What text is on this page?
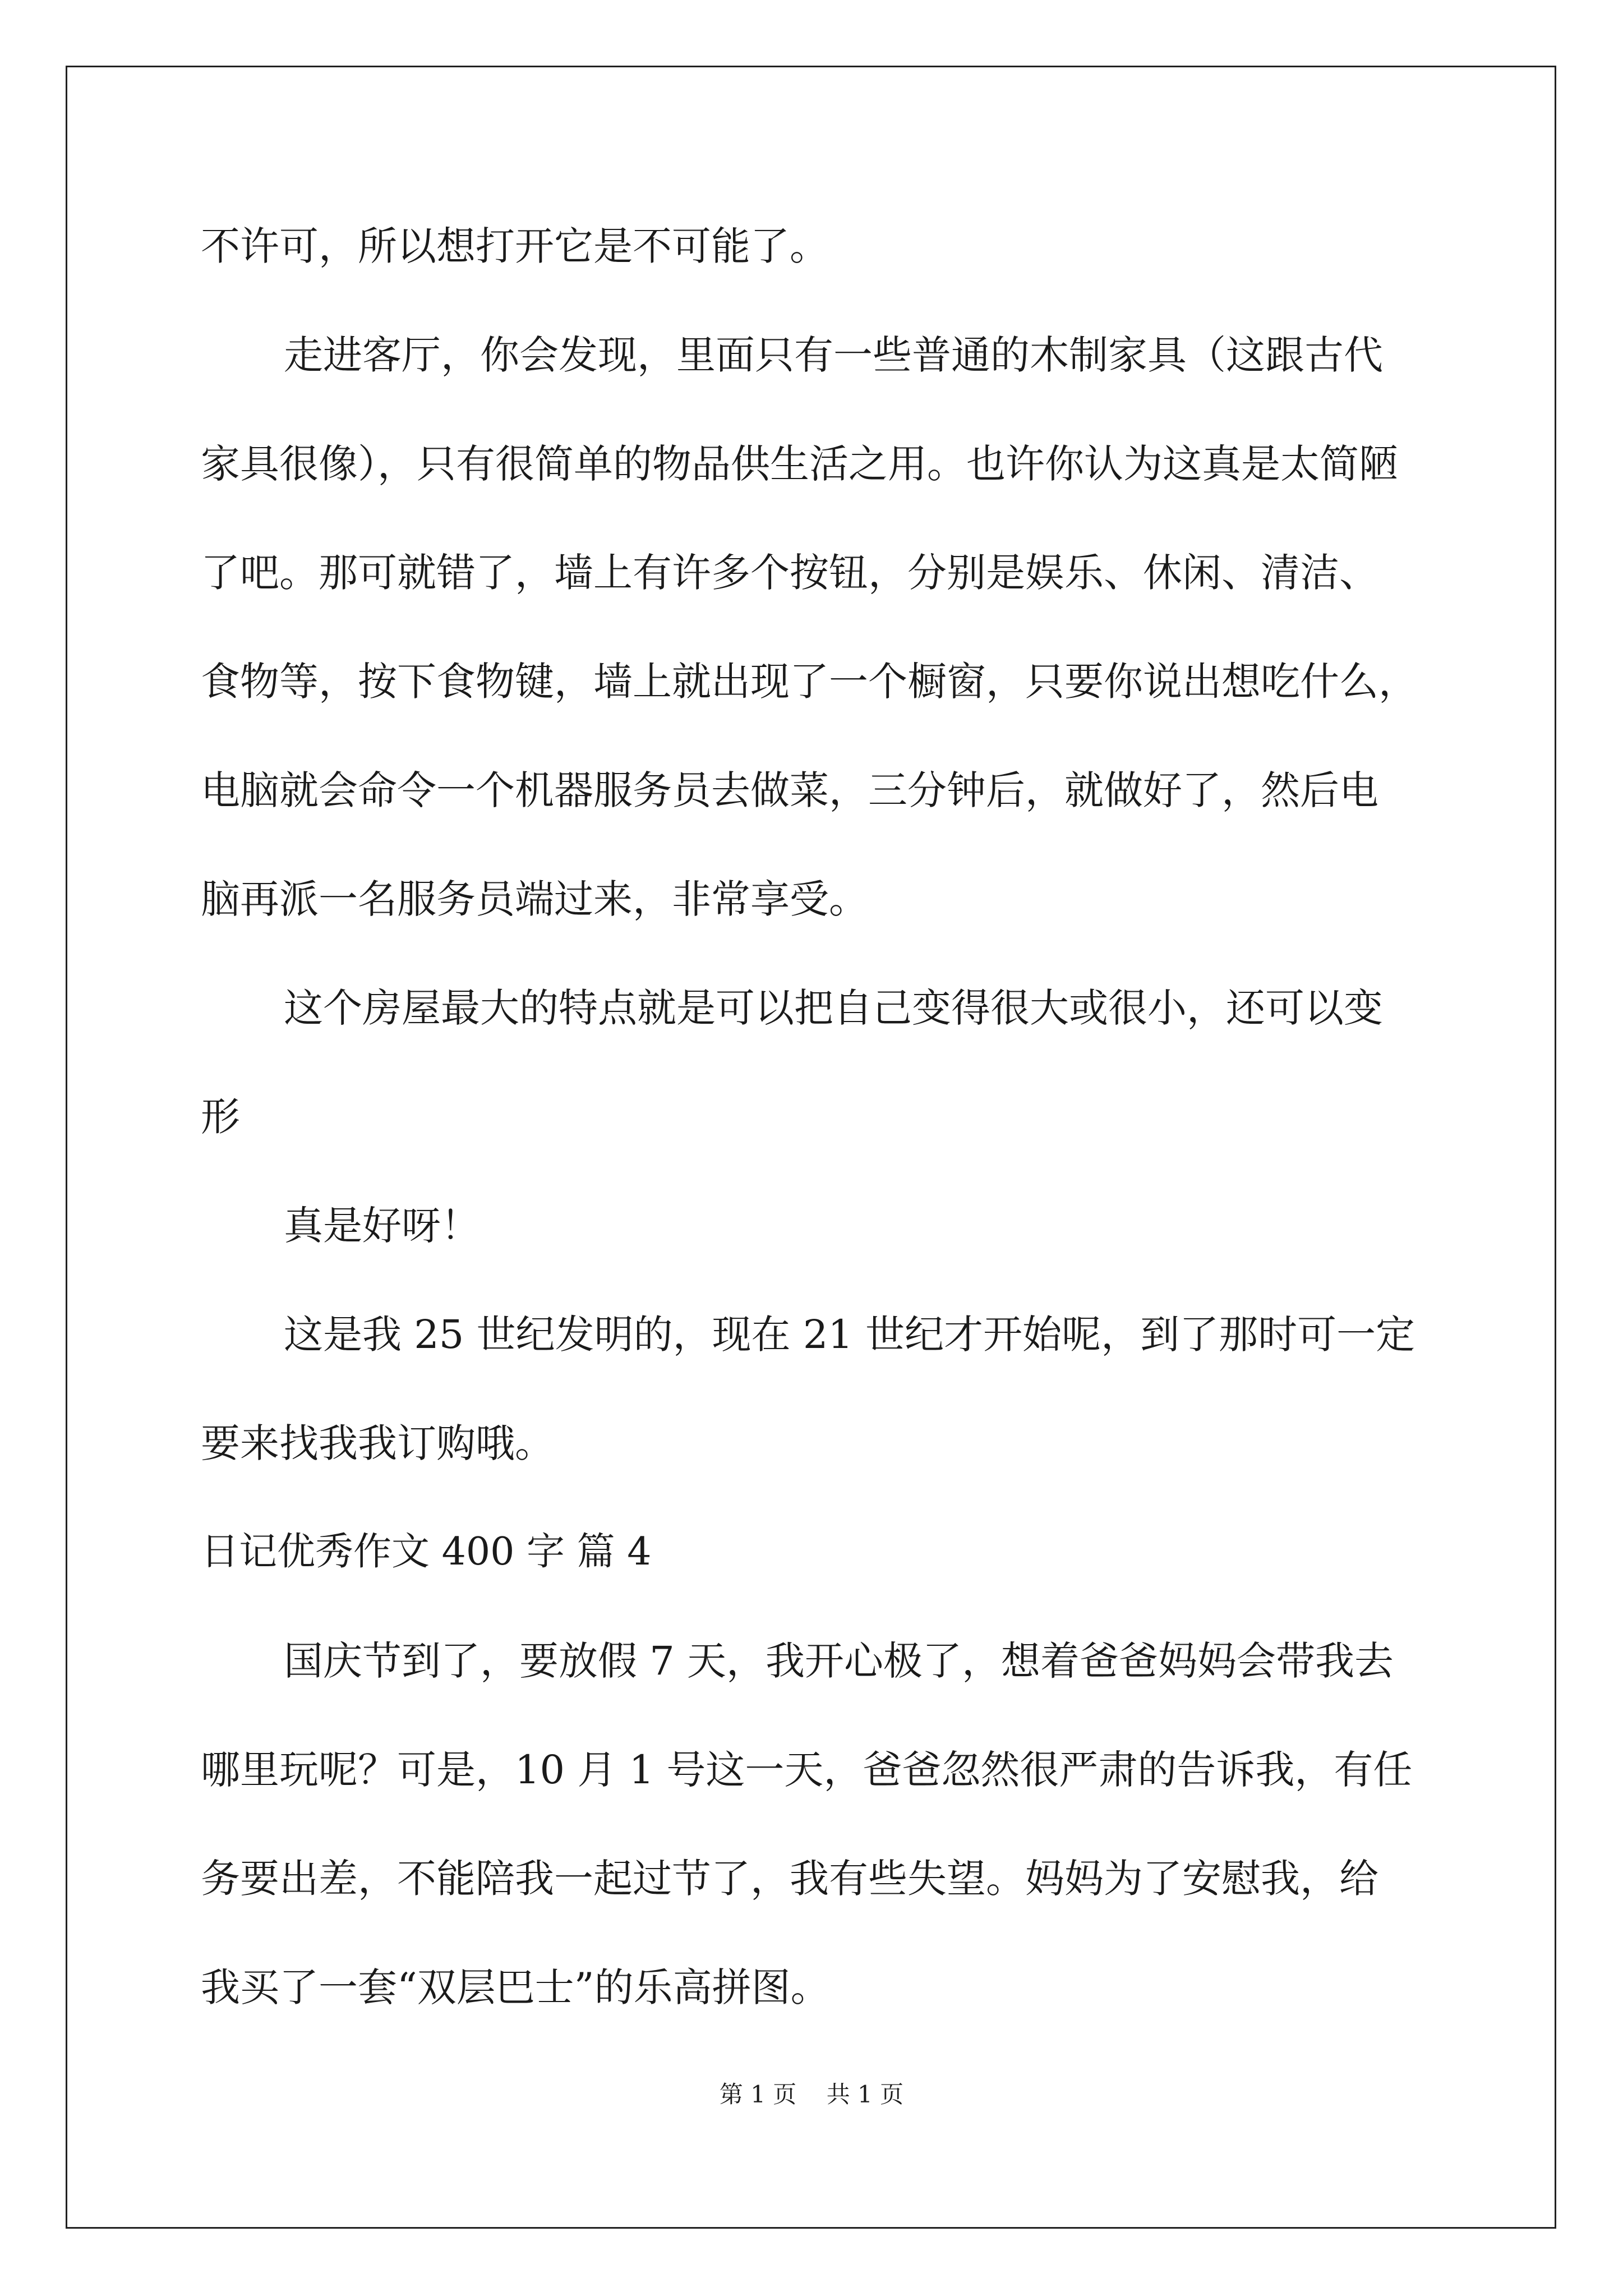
不许可，所以想打开它是不可能了。
走进客厅，你会发现，里面只有一些普通的木制家具（这跟古代
家具很像），只有很简单的物品供生活之用。也许你认为这真是太简陋
了吧。那可就错了，墙上有许多个按钮，分别是娱乐、休闲、清洁、
食物等，按下食物键，墙上就出现了一个橱窗，只要你说出想吃什么，
电脑就会命令一个机器服务员去做菜，三分钟后，就做好了，然后电
脑再派一名服务员端过来，非常享受。
这个房屋最大的特点就是可以把自己变得很大或很小，还可以变
形
真是好呀！
这是我 25 世纪发明的，现在 21 世纪才开始呢，到了那时可一定
要来找我我订购哦。
日记优秀作文 400 字 篇 4
国庆节到了，要放假 7 天，我开心极了，想着爸爸妈妈会带我去
哪里玩呢？可是，10 月 1 号这一天，爸爸忽然很严肃的告诉我，有任
务要出差，不能陪我一起过节了，我有些失望。妈妈为了安慰我，给
我买了一套“双层巴士”的乐高拼图。
第 1 页    共 1 页
